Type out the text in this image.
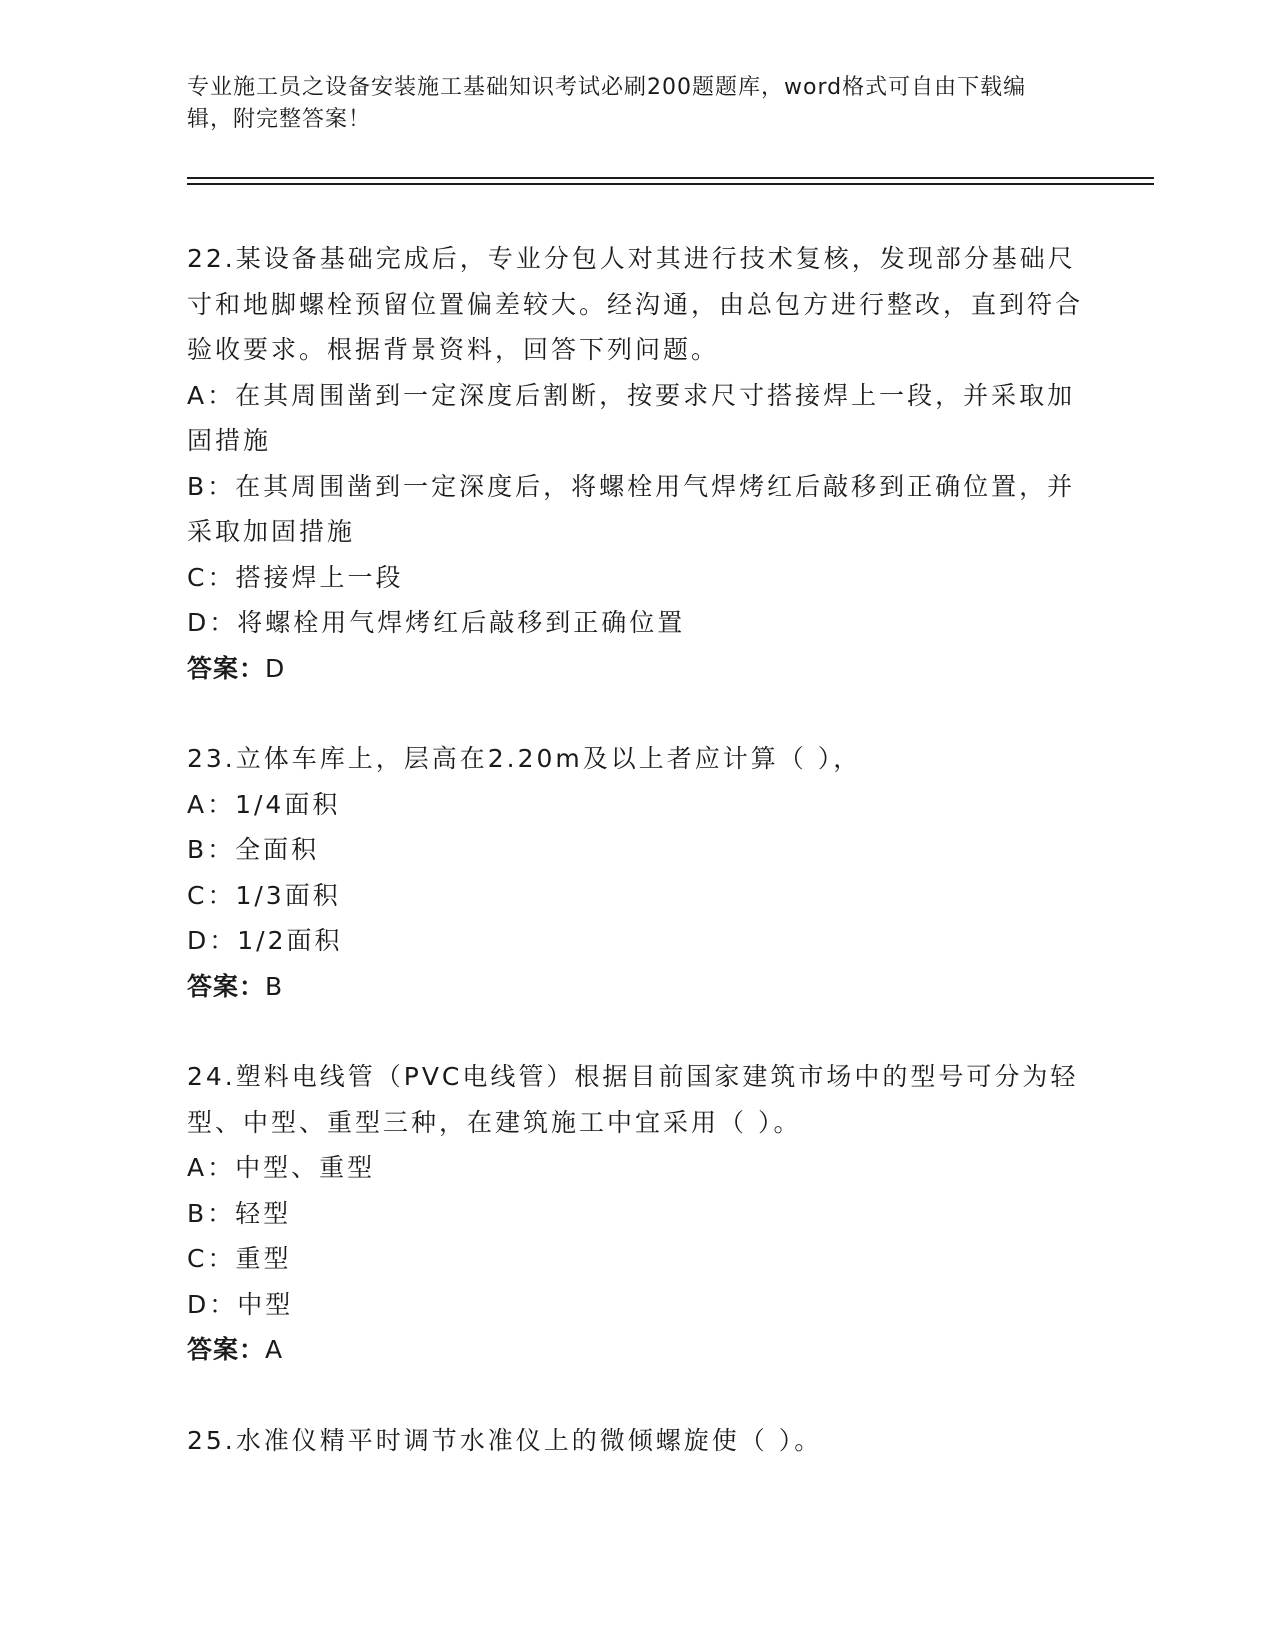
专业施工员之设备安装施工基础知识考试必刷200题题库，word格式可自由下载编辑，附完整答案！

22.某设备基础完成后，专业分包人对其进行技术复核，发现部分基础尺寸和地脚螺栓预留位置偏差较大。经沟通，由总包方进行整改，直到符合验收要求。根据背景资料，回答下列问题。

A：在其周围凿到一定深度后割断，按要求尺寸搭接焊上一段，并采取加固措施

B：在其周围凿到一定深度后，将螺栓用气焊烤红后敲移到正确位置，并采取加固措施

C：搭接焊上一段

D：将螺栓用气焊烤红后敲移到正确位置

答案：D

23.立体车库上，层高在2.20m及以上者应计算（ ），

A：1/4面积

B：全面积

C：1/3面积

D：1/2面积

答案：B

24.塑料电线管（PVC电线管）根据目前国家建筑市场中的型号可分为轻型、中型、重型三种，在建筑施工中宜采用（ ）。

A：中型、重型

B：轻型

C：重型

D：中型

答案：A

25.水准仪精平时调节水准仪上的微倾螺旋使（ ）。
